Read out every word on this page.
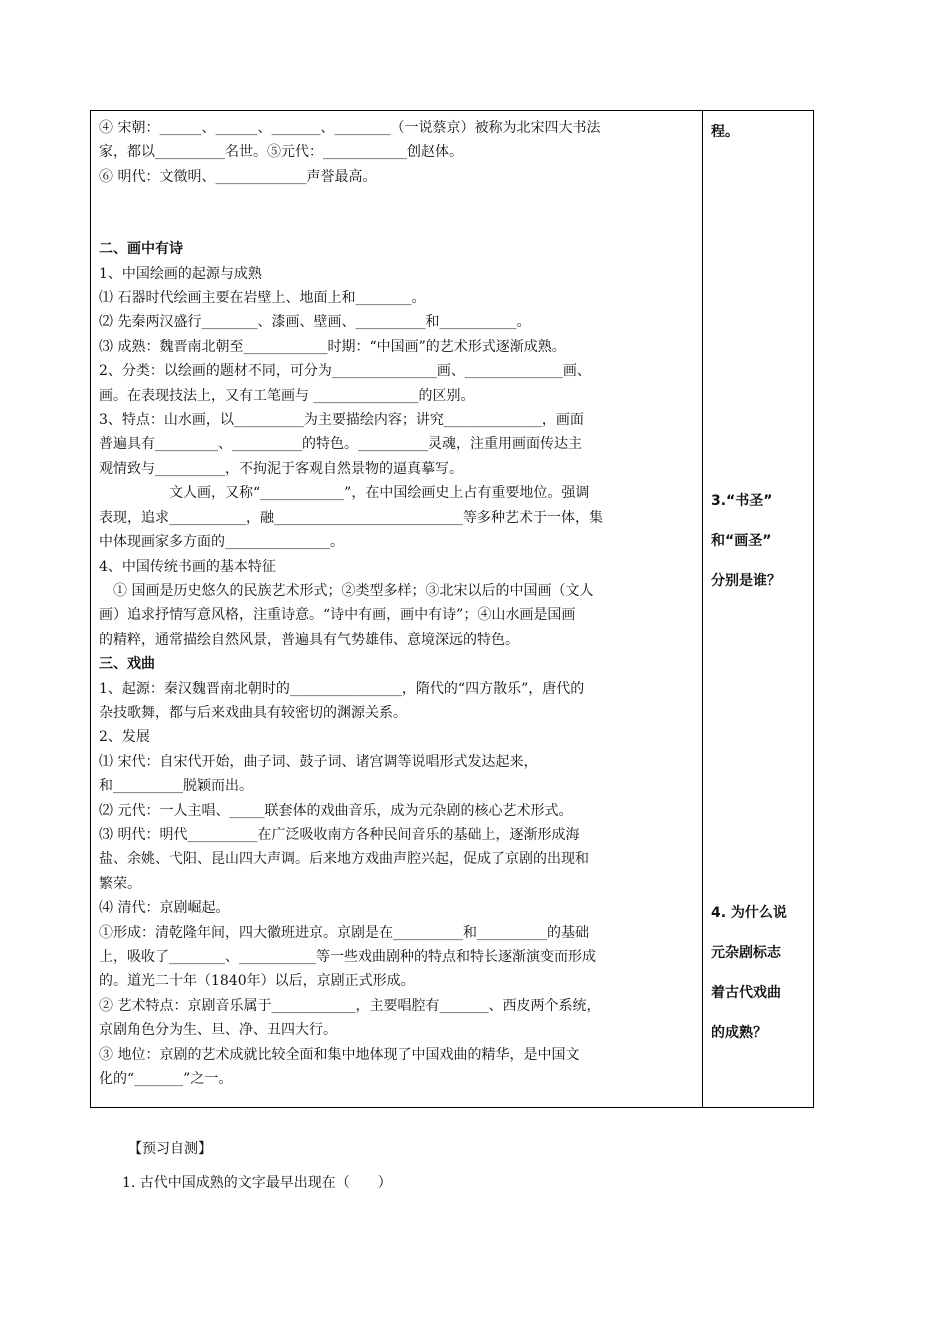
④ 宋朝：______、______、_______、________（一说蔡京）被称为北宋四大书法
家，都以__________名世。⑤元代：____________创赵体。
⑥ 明代：文徵明、_____________声誉最高。
二、画中有诗
1、中国绘画的起源与成熟
⑴ 石器时代绘画主要在岩壁上、地面上和________。
⑵ 先秦两汉盛行________、漆画、壁画、__________和___________。
⑶ 成熟：魏晋南北朝至____________时期：“中国画”的艺术形式逐渐成熟。
2、分类：以绘画的题材不同，可分为_______________画、______________画、
画。在表现技法上，又有工笔画与 _______________的区别。
3、特点：山水画，以__________为主要描绘内容；讲究______________，画面
普遍具有_________、__________的特色。__________灵魂，注重用画面传达主
观情致与__________，不拘泥于客观自然景物的逼真摹写。
文人画，又称“____________”，在中国绘画史上占有重要地位。强调
表现，追求___________，融___________________________等多种艺术于一体，集
中体现画家多方面的_______________。
4、中国传统书画的基本特征
① 国画是历史悠久的民族艺术形式；②类型多样；③北宋以后的中国画（文人
画）追求抒情写意风格，注重诗意。“诗中有画，画中有诗”；④山水画是国画
的精粹，通常描绘自然风景，普遍具有气势雄伟、意境深远的特色。
三、戏曲
1、起源：秦汉魏晋南北朝时的________________，隋代的“四方散乐”，唐代的
杂技歌舞，都与后来戏曲具有较密切的渊源关系。
2、发展
⑴ 宋代：自宋代开始，曲子词、鼓子词、诸宫调等说唱形式发达起来，
和__________脱颖而出。
⑵ 元代：一人主唱、_____联套体的戏曲音乐，成为元杂剧的核心艺术形式。
⑶ 明代：明代__________在广泛吸收南方各种民间音乐的基础上，逐渐形成海
盐、余姚、弋阳、昆山四大声调。后来地方戏曲声腔兴起，促成了京剧的出现和
繁荣。
⑷ 清代：京剧崛起。
①形成：清乾隆年间，四大徽班进京。京剧是在__________和__________的基础
上，吸收了________、___________等一些戏曲剧种的特点和特长逐渐演变而形成
的。道光二十年（1840年）以后，京剧正式形成。
② 艺术特点：京剧音乐属于____________，主要唱腔有_______、西皮两个系统，
京剧角色分为生、旦、净、丑四大行。
③ 地位：京剧的艺术成就比较全面和集中地体现了中国戏曲的精华，是中国文
化的“_______”之一。

程。
3.“书圣”
和“画圣”
分别是谁？
4. 为什么说
元杂剧标志
着古代戏曲
的成熟？
【预习自测】
1. 古代中国成熟的文字最早出现在（　　）
